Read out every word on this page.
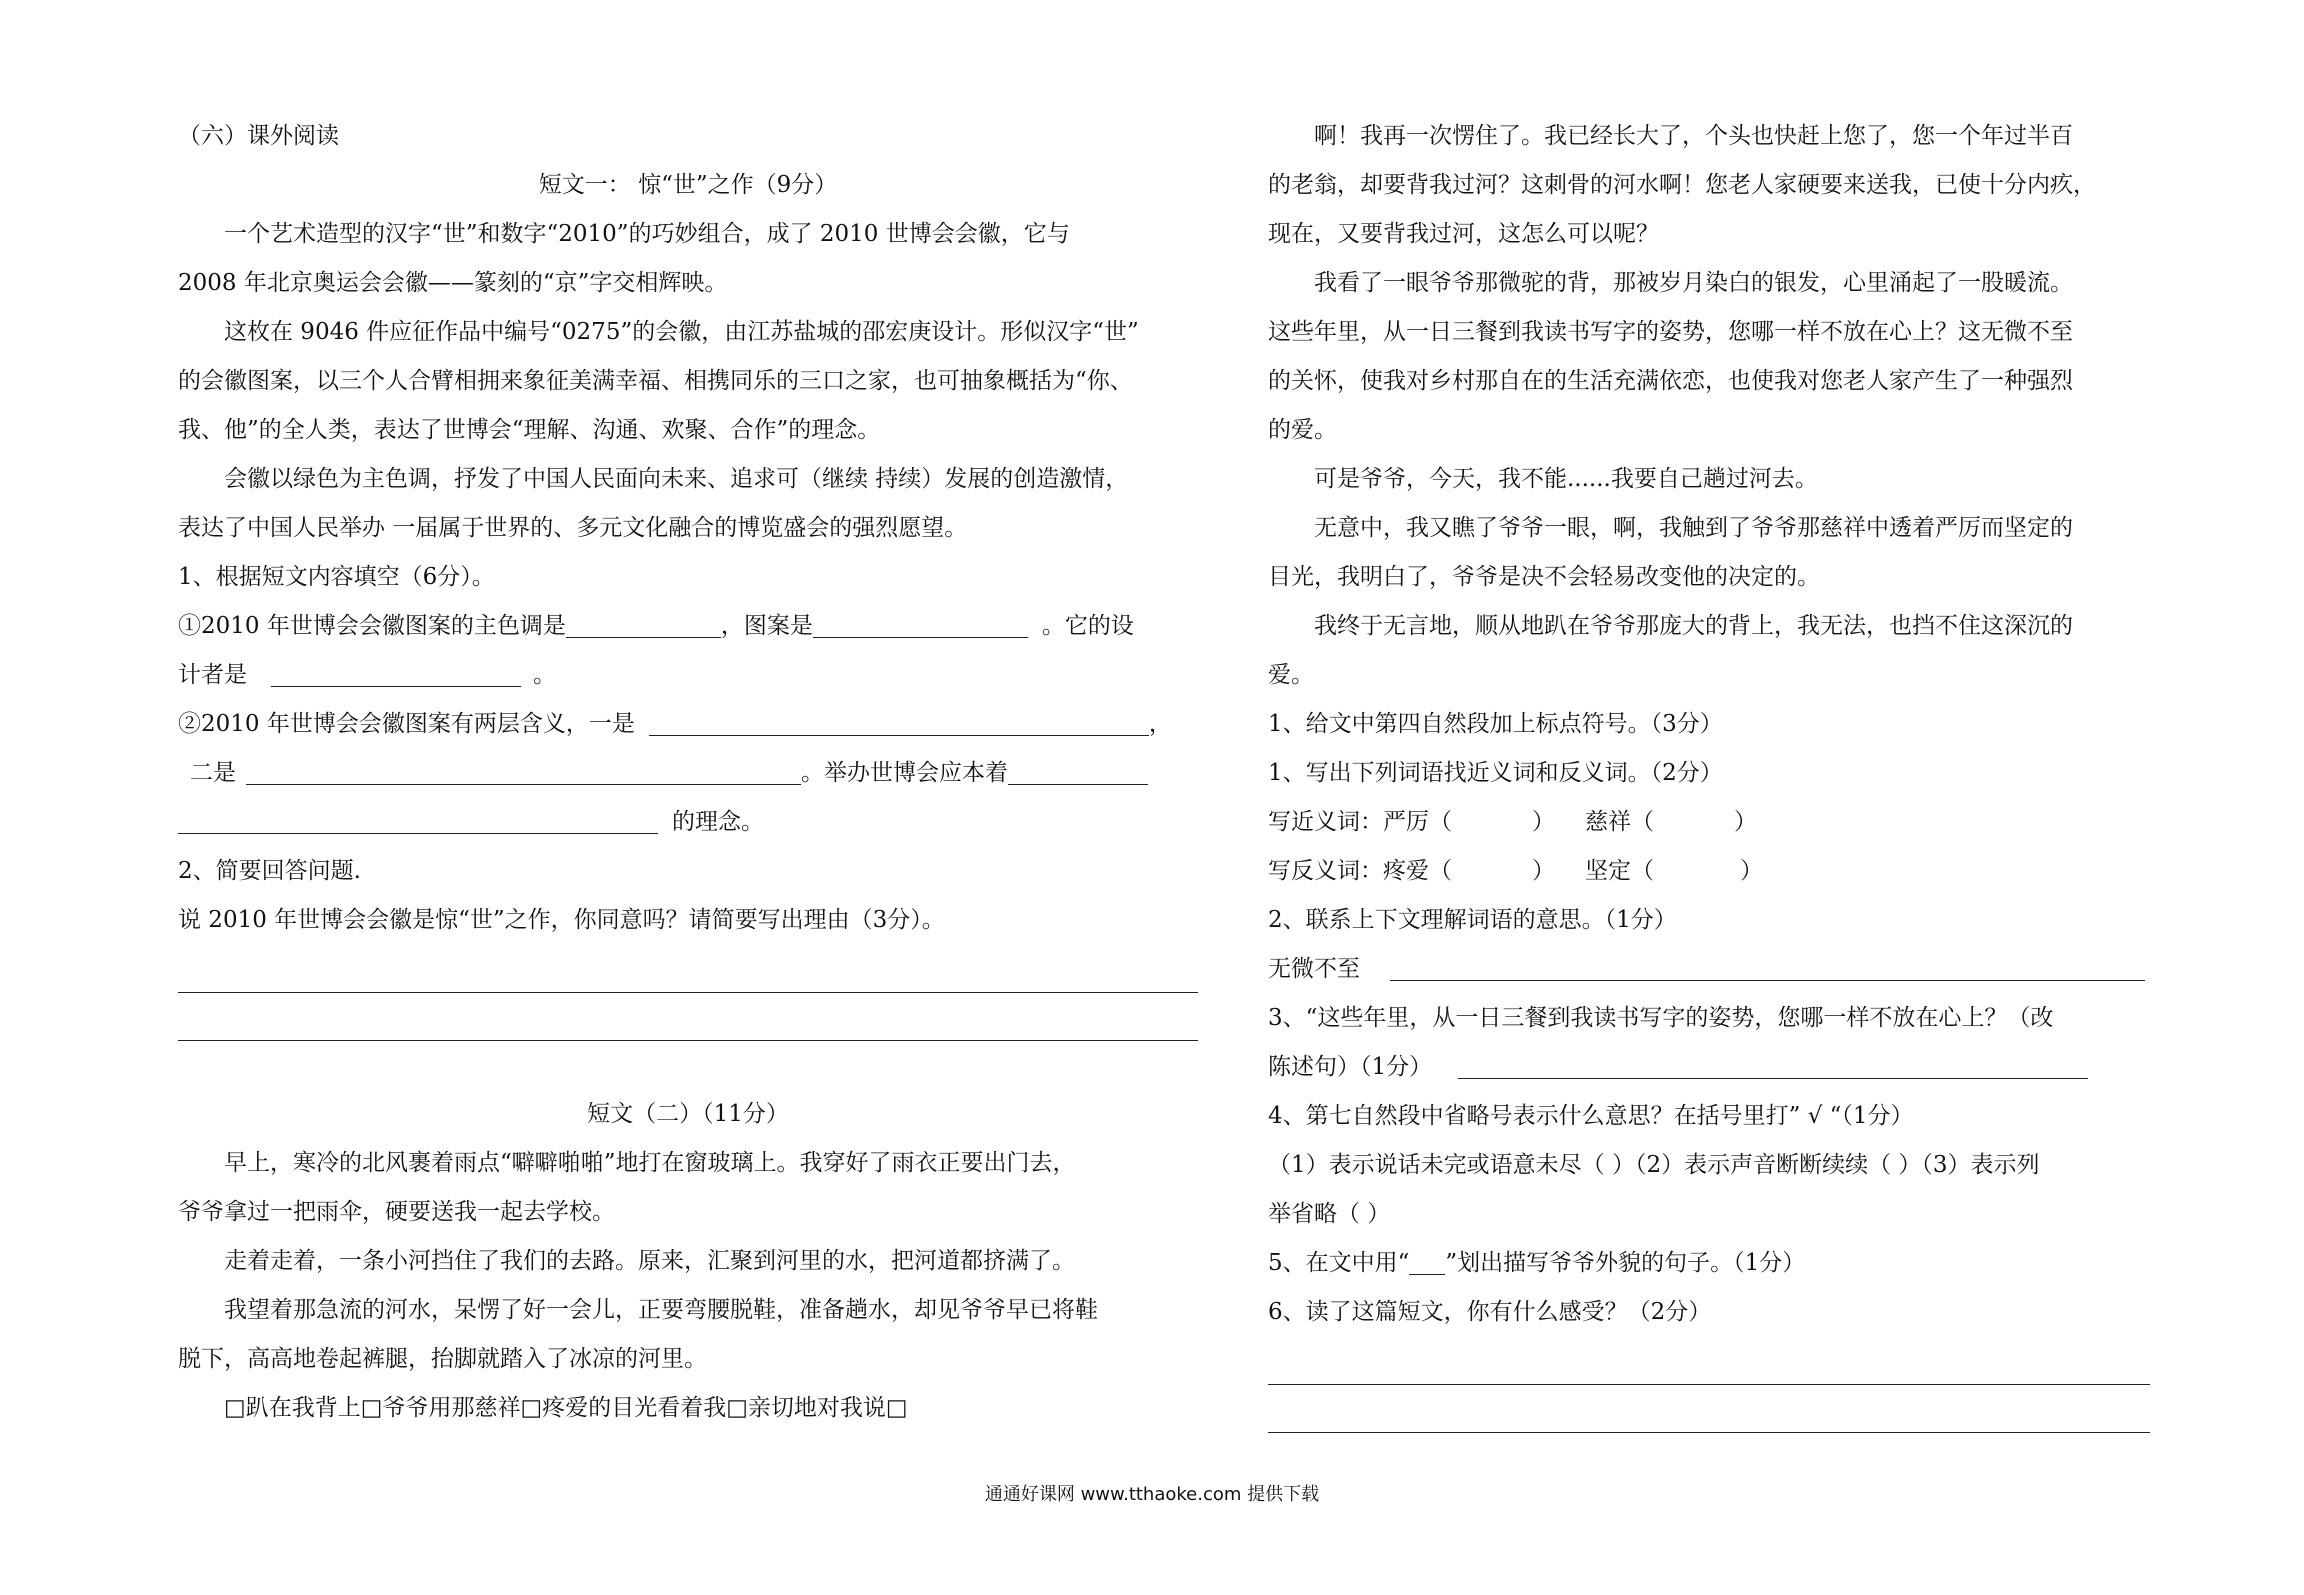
（六）课外阅读
短文一： 惊“世”之作（9分）
一个艺术造型的汉字“世”和数字“2010”的巧妙组合，成了 2010 世博会会徽，它与
2008 年北京奥运会会徽——篆刻的“京”字交相辉映。
这枚在 9046 件应征作品中编号“0275”的会徽，由江苏盐城的邵宏庚设计。形似汉字“世”
的会徽图案，以三个人合臂相拥来象征美满幸福、相携同乐的三口之家，也可抽象概括为“你、
我、他”的全人类，表达了世博会“理解、沟通、欢聚、合作”的理念。
会徽以绿色为主色调，抒发了中国人民面向未来、追求可（继续 持续）发展的创造激情，
表达了中国人民举办 一届属于世界的、多元文化融合的博览盛会的强烈愿望。
1、根据短文内容填空（6分）。
①2010 年世博会会徽图案的主色调是	，图案是	。它的设
计者是	。
②2010 年世博会会徽图案有两层含义，一是	，
二是	。举办世博会应本着
的理念。
2、简要回答问题.
说 2010 年世博会会徽是惊“世”之作，你同意吗？请简要写出理由（3分）。
短文（二）（11分）
早上，寒冷的北风裹着雨点“噼噼啪啪”地打在窗玻璃上。我穿好了雨衣正要出门去，
爷爷拿过一把雨伞，硬要送我一起去学校。
走着走着，一条小河挡住了我们的去路。原来，汇聚到河里的水，把河道都挤满了。
我望着那急流的河水，呆愣了好一会儿，正要弯腰脱鞋，准备趟水，却见爷爷早已将鞋
脱下，高高地卷起裤腿，抬脚就踏入了冰凉的河里。
□趴在我背上□爷爷用那慈祥□疼爱的目光看着我□亲切地对我说□
啊！我再一次愣住了。我已经长大了，个头也快赶上您了，您一个年过半百
的老翁，却要背我过河？这刺骨的河水啊！您老人家硬要来送我，已使十分内疚，
现在，又要背我过河，这怎么可以呢？
我看了一眼爷爷那微驼的背，那被岁月染白的银发，心里涌起了一股暖流。
这些年里，从一日三餐到我读书写字的姿势，您哪一样不放在心上？这无微不至
的关怀，使我对乡村那自在的生活充满依恋，也使我对您老人家产生了一种强烈
的爱。
可是爷爷，今天，我不能......我要自己趟过河去。
无意中，我又瞧了爷爷一眼，啊，我触到了爷爷那慈祥中透着严厉而坚定的
目光，我明白了，爷爷是决不会轻易改变他的决定的。
我终于无言地，顺从地趴在爷爷那庞大的背上，我无法，也挡不住这深沉的
爱。
1、给文中第四自然段加上标点符号。（3分）
1、写出下列词语找近义词和反义词。（2分）
写近义词：严厉（	） 慈祥（	）
写反义词：疼爱（	） 坚定（	）
2、联系上下文理解词语的意思。（1分）
无微不至
3、“这些年里，从一日三餐到我读书写字的姿势，您哪一样不放在心上？（改
陈述句）（1分）
4、第七自然段中省略号表示什么意思？在括号里打” √ “（1分）
（1）表示说话未完或语意未尽（ ）（2）表示声音断断续续（ ）（3）表示列
举省略（ ）
5、在文中用“ ”划出描写爷爷外貌的句子。（1分）
6、读了这篇短文，你有什么感受？（2分）
通通好课网 www.tthaoke.com 提供下载
